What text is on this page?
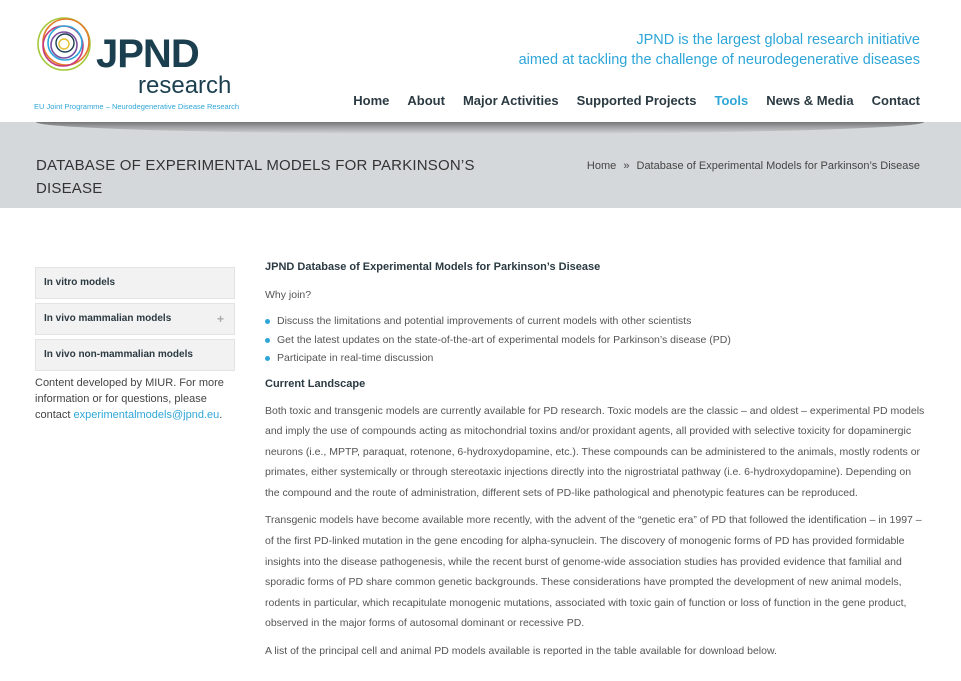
JPND
research
EU Joint Programme – Neurodegenerative Disease Research
JPND is the largest global research initiative
aimed at tackling the challenge of neurodegenerative diseases
Home About Major Activities Supported Projects Tools News & Media Contact
DATABASE OF EXPERIMENTAL MODELS FOR PARKINSON’S DISEASE
Home » Database of Experimental Models for Parkinson’s Disease
In vitro models
In vivo mammalian models	+
In vivo non-mammalian models
Content developed by MIUR. For more information or for questions, please contact experimentalmodels@jpnd.eu.
JPND Database of Experimental Models for Parkinson’s Disease

Why join?

Discuss the limitations and potential improvements of current models with other scientists
Get the latest updates on the state-of-the-art of experimental models for Parkinson’s disease (PD)
Participate in real-time discussion
Current Landscape

Both toxic and transgenic models are currently available for PD research. Toxic models are the classic – and oldest – experimental PD models and imply the use of compounds acting as mitochondrial toxins and/or proxidant agents, all provided with selective toxicity for dopaminergic neurons (i.e., MPTP, paraquat, rotenone, 6-hydroxydopamine, etc.). These compounds can be administered to the animals, mostly rodents or primates, either systemically or through stereotaxic injections directly into the nigrostriatal pathway (i.e. 6-hydroxydopamine). Depending on the compound and the route of administration, different sets of PD-like pathological and phenotypic features can be reproduced.

Transgenic models have become available more recently, with the advent of the “genetic era” of PD that followed the identification – in 1997 – of the first PD-linked mutation in the gene encoding for alpha-synuclein. The discovery of monogenic forms of PD has provided formidable insights into the disease pathogenesis, while the recent burst of genome-wide association studies has provided evidence that familial and sporadic forms of PD share common genetic backgrounds. These considerations have prompted the development of new animal models, rodents in particular, which recapitulate monogenic mutations, associated with toxic gain of function or loss of function in the gene product, observed in the major forms of autosomal dominant or recessive PD.

A list of the principal cell and animal PD models available is reported in the table available for download below.
